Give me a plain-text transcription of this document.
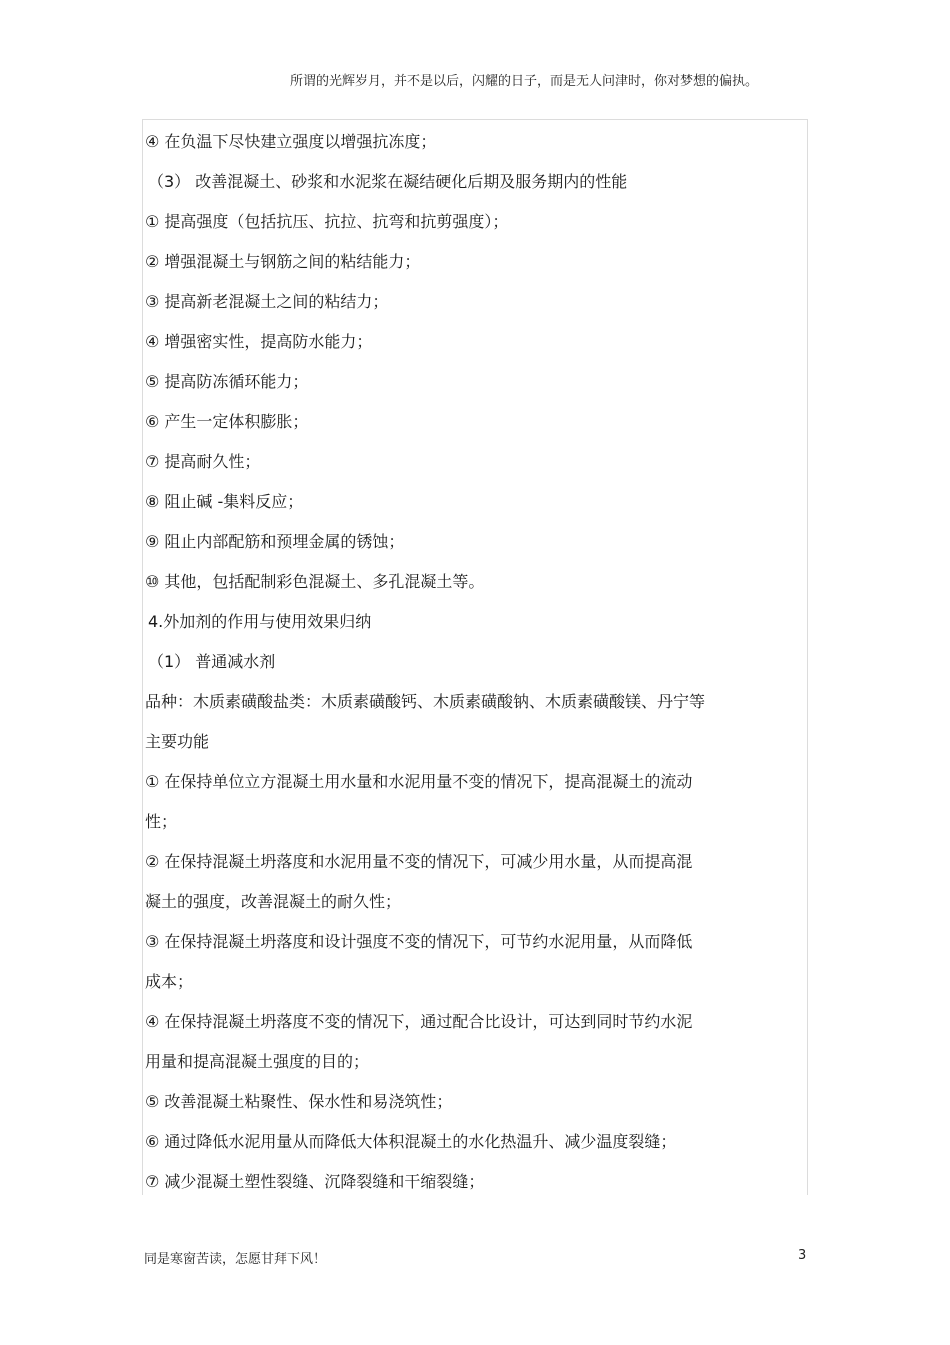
所谓的光辉岁月，并不是以后，闪耀的日子，而是无人问津时，你对梦想的偏执。
④ 在负温下尽快建立强度以增强抗冻度；
（3） 改善混凝土、砂浆和水泥浆在凝结硬化后期及服务期内的性能
① 提高强度（包括抗压、抗拉、抗弯和抗剪强度）；
② 增强混凝土与钢筋之间的粘结能力；
③ 提高新老混凝土之间的粘结力；
④ 增强密实性，提高防水能力；
⑤ 提高防冻循环能力；
⑥ 产生一定体积膨胀；
⑦ 提高耐久性；
⑧ 阻止碱 -集料反应；
⑨ 阻止内部配筋和预埋金属的锈蚀；
⑩ 其他，包括配制彩色混凝土、多孔混凝土等。
4.外加剂的作用与使用效果归纳
（1） 普通减水剂
品种：木质素磺酸盐类：木质素磺酸钙、木质素磺酸钠、木质素磺酸镁、丹宁等
主要功能
① 在保持单位立方混凝土用水量和水泥用量不变的情况下，提高混凝土的流动
性；
② 在保持混凝土坍落度和水泥用量不变的情况下，可减少用水量，从而提高混
凝土的强度，改善混凝土的耐久性；
③ 在保持混凝土坍落度和设计强度不变的情况下，可节约水泥用量，从而降低
成本；
④ 在保持混凝土坍落度不变的情况下，通过配合比设计，可达到同时节约水泥
用量和提高混凝土强度的目的；
⑤ 改善混凝土粘聚性、保水性和易浇筑性；
⑥ 通过降低水泥用量从而降低大体积混凝土的水化热温升、减少温度裂缝；
⑦ 减少混凝土塑性裂缝、沉降裂缝和干缩裂缝；
同是寒窗苦读，怎愿甘拜下风！	3
